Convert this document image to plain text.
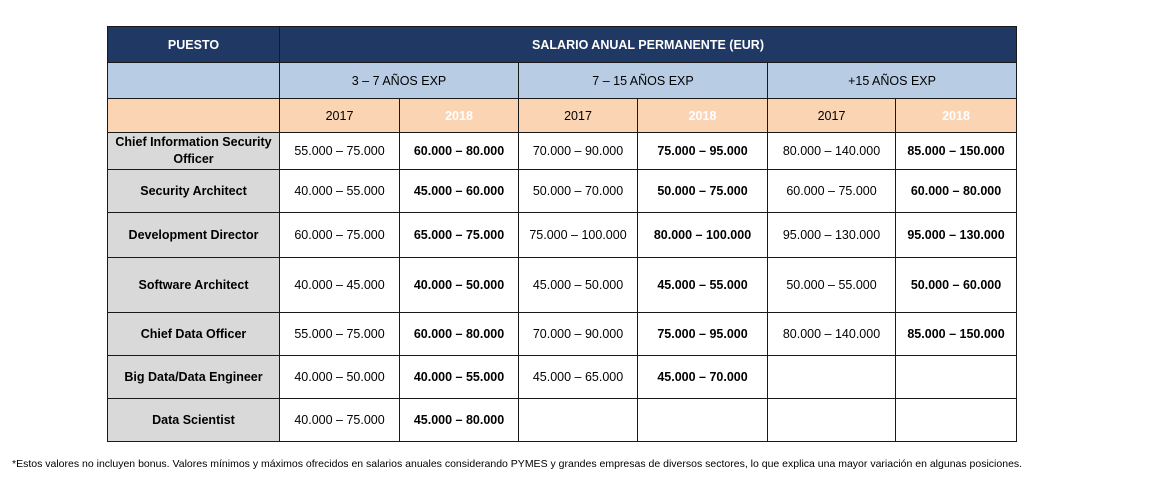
PUESTO	SALARIO ANUAL PERMANENTE (EUR)					
	3 – 7 AÑOS EXP		7 – 15 AÑOS EXP		+15 AÑOS EXP	
	2017	2018	2017	2018	2017	2018
Chief Information Security Officer	55.000 – 75.000	60.000 – 80.000	70.000 – 90.000	75.000 – 95.000	80.000 – 140.000	85.000 – 150.000
Security Architect	40.000 – 55.000	45.000 – 60.000	50.000 – 70.000	50.000 – 75.000	60.000 – 75.000	60.000 – 80.000
Development Director	60.000 – 75.000	65.000 – 75.000	75.000 – 100.000	80.000 – 100.000	95.000 – 130.000	95.000 – 130.000
Software Architect	40.000 – 45.000	40.000 – 50.000	45.000 – 50.000	45.000 – 55.000	50.000 – 55.000	50.000 – 60.000
Chief Data Officer	55.000 – 75.000	60.000 – 80.000	70.000 – 90.000	75.000 – 95.000	80.000 – 140.000	85.000 – 150.000
Big Data/Data Engineer	40.000 – 50.000	40.000 – 55.000	45.000 – 65.000	45.000 – 70.000		
Data Scientist	40.000 – 75.000	45.000 – 80.000				
*Estos valores no incluyen bonus. Valores mínimos y máximos ofrecidos en salarios anuales considerando PYMES y grandes empresas de diversos sectores, lo que explica una mayor variación en algunas posiciones.
